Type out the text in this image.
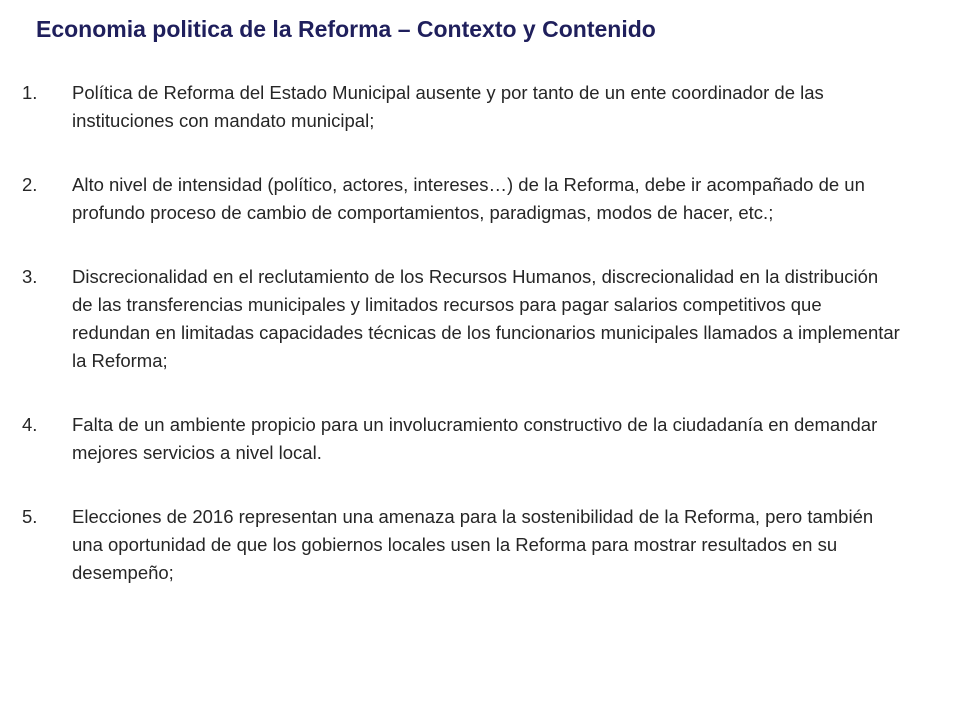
Economia politica de la Reforma – Contexto y Contenido
1.	Política de Reforma del Estado Municipal ausente y por tanto de un ente coordinador de las instituciones con mandato municipal;
2.	Alto nivel de intensidad (político, actores, intereses…) de la Reforma, debe ir acompañado de un profundo proceso de cambio de comportamientos, paradigmas, modos de hacer, etc.;
3.	Discrecionalidad en el reclutamiento de los Recursos Humanos, discrecionalidad en la distribución de las transferencias municipales y limitados recursos para pagar salarios competitivos que redundan en limitadas capacidades técnicas de los funcionarios municipales llamados a implementar la Reforma;
4.	Falta de un ambiente propicio para un involucramiento constructivo de la ciudadanía en demandar mejores servicios a nivel local.
5.	Elecciones de 2016 representan una amenaza para la sostenibilidad de la Reforma, pero también una oportunidad de que los gobiernos locales usen la Reforma para mostrar resultados en su desempeño;
